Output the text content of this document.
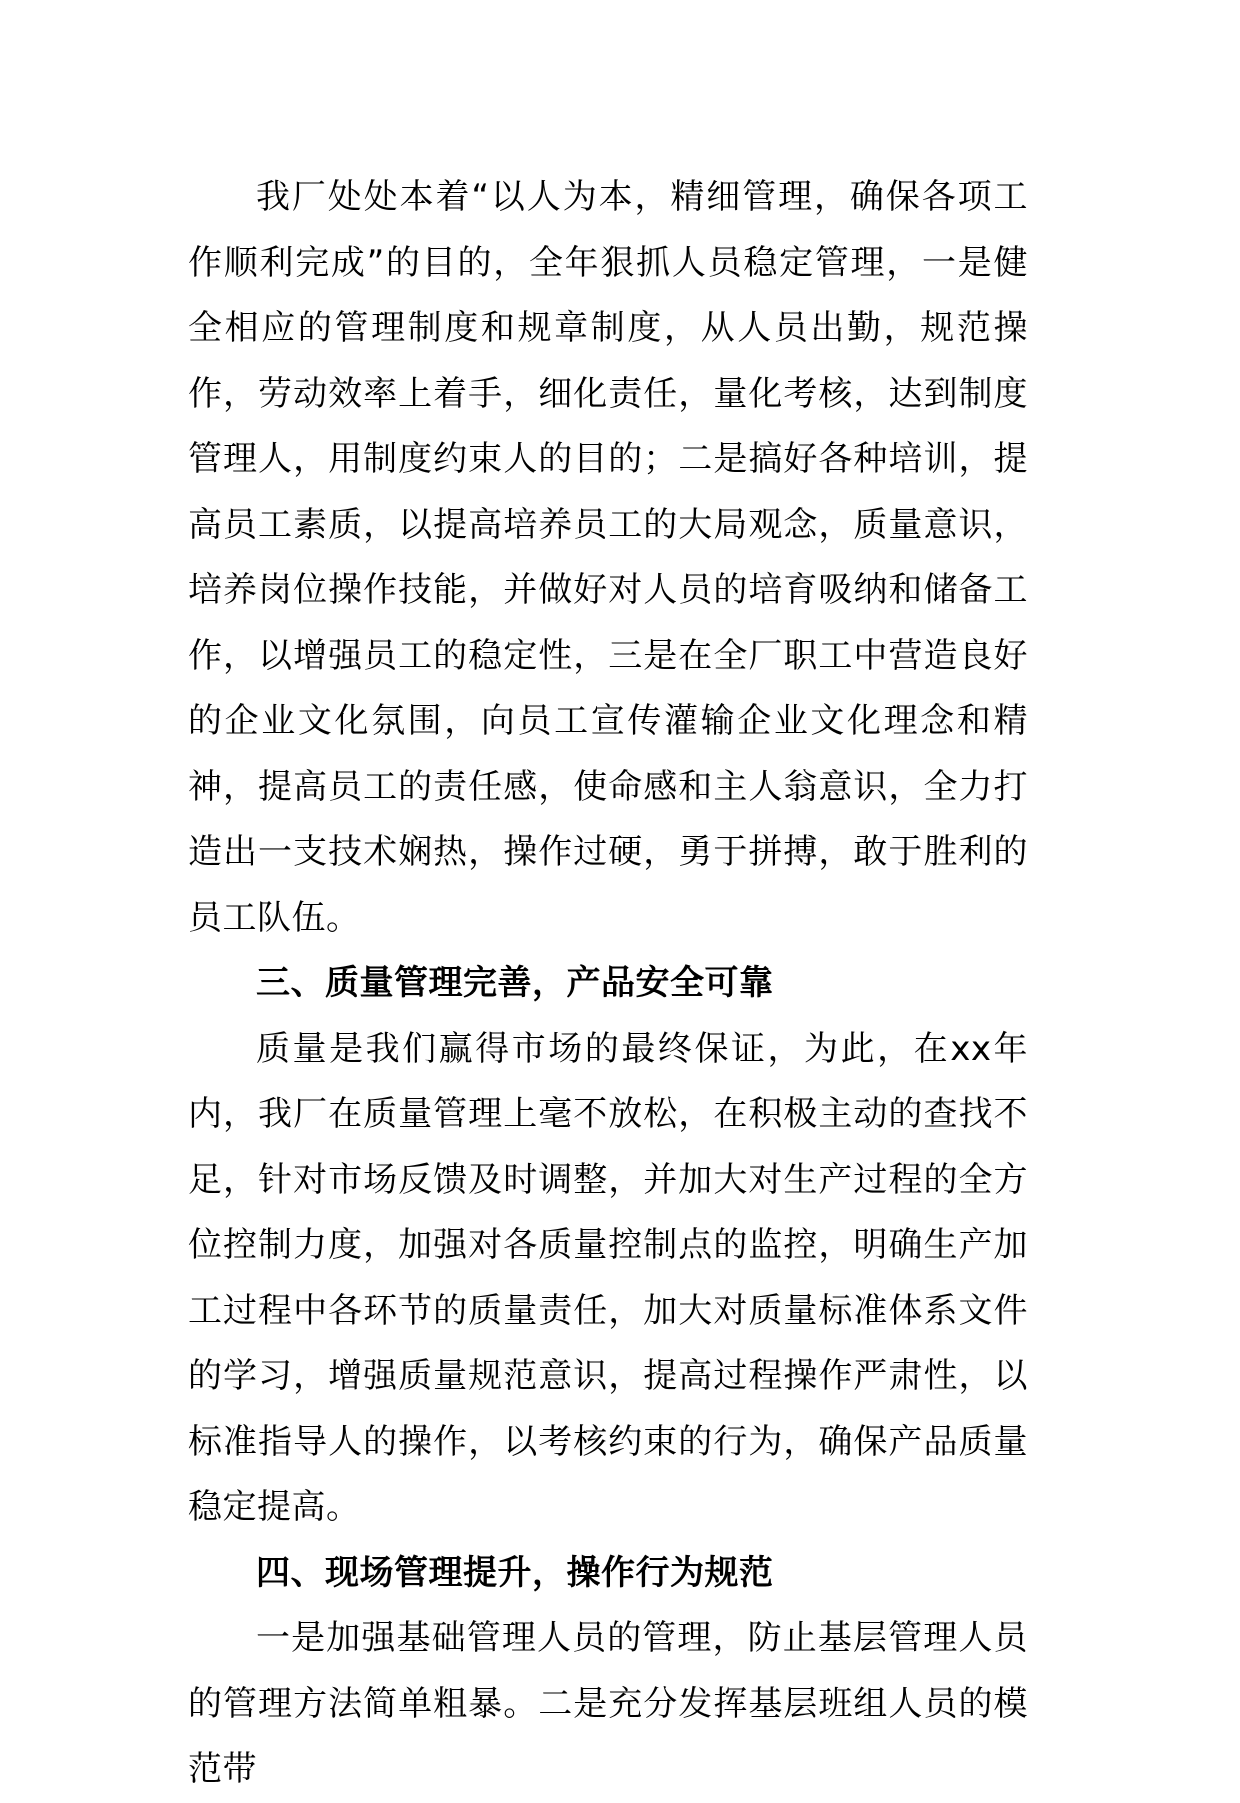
我厂处处本着“以人为本，精细管理，确保各项工作顺利完成”的目的，全年狠抓人员稳定管理，一是健全相应的管理制度和规章制度，从人员出勤，规范操作，劳动效率上着手，细化责任，量化考核，达到制度管理人，用制度约束人的目的；二是搞好各种培训，提高员工素质，以提高培养员工的大局观念，质量意识，培养岗位操作技能，并做好对人员的培育吸纳和储备工作，以增强员工的稳定性，三是在全厂职工中营造良好的企业文化氛围，向员工宣传灌输企业文化理念和精神，提高员工的责任感，使命感和主人翁意识，全力打造出一支技术娴热，操作过硬，勇于拼搏，敢于胜利的员工队伍。

三、质量管理完善，产品安全可靠

质量是我们赢得市场的最终保证，为此，在xx年内，我厂在质量管理上毫不放松，在积极主动的查找不足，针对市场反馈及时调整，并加大对生产过程的全方位控制力度，加强对各质量控制点的监控，明确生产加工过程中各环节的质量责任，加大对质量标准体系文件的学习，增强质量规范意识，提高过程操作严肃性，以标准指导人的操作，以考核约束的行为，确保产品质量稳定提高。

四、现场管理提升，操作行为规范

一是加强基础管理人员的管理，防止基层管理人员的管理方法简单粗暴。二是充分发挥基层班组人员的模范带
